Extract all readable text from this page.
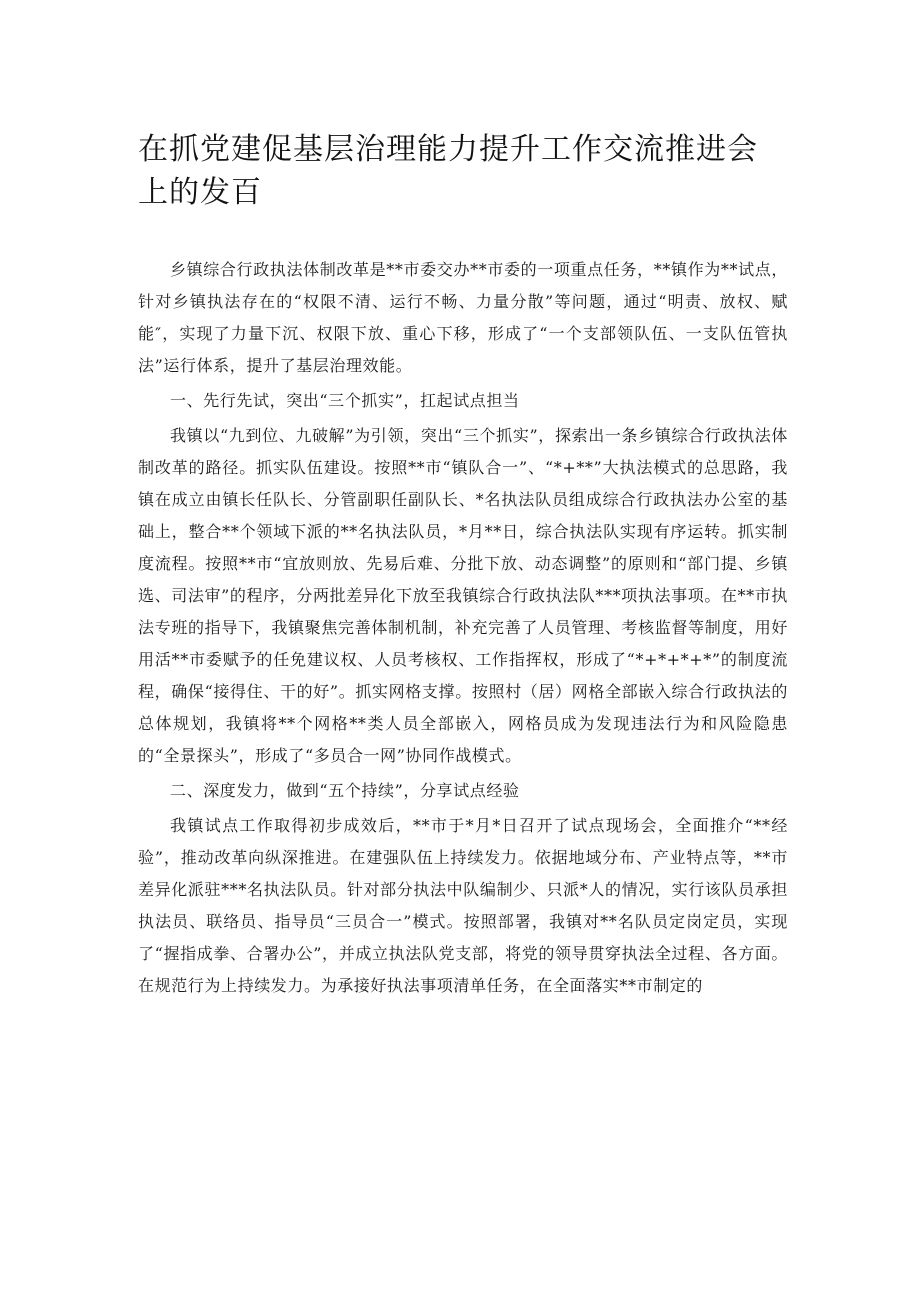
在抓党建促基层治理能力提升工作交流推进会上的发百

乡镇综合行政执法体制改革是**市委交办**市委的一项重点任务，**镇作为**试点，针对乡镇执法存在的“权限不清、运行不畅、力量分散”等问题，通过“明责、放权、赋能″，实现了力量下沉、权限下放、重心下移，形成了“一个支部领队伍、一支队伍管执法”运行体系，提升了基层治理效能。

一、先行先试，突出“三个抓实”，扛起试点担当

我镇以“九到位、九破解”为引领，突出“三个抓实”，探索出一条乡镇综合行政执法体制改革的路径。抓实队伍建设。按照**市“镇队合一”、“*+**”大执法模式的总思路，我镇在成立由镇长任队长、分管副职任副队长、*名执法队员组成综合行政执法办公室的基础上，整合**个领域下派的**名执法队员，*月**日，综合执法队实现有序运转。抓实制度流程。按照**市“宜放则放、先易后难、分批下放、动态调整”的原则和“部门提、乡镇选、司法审”的程序，分两批差异化下放至我镇综合行政执法队***项执法事项。在**市执法专班的指导下，我镇聚焦完善体制机制，补充完善了人员管理、考核监督等制度，用好用活**市委赋予的任免建议权、人员考核权、工作指挥权，形成了“*+*+*+*”的制度流程，确保“接得住、干的好”。抓实网格支撑。按照村（居）网格全部嵌入综合行政执法的总体规划，我镇将**个网格**类人员全部嵌入，网格员成为发现违法行为和风险隐患的“全景探头”，形成了“多员合一网”协同作战模式。

二、深度发力，做到“五个持续”，分享试点经验

我镇试点工作取得初步成效后，**市于*月*日召开了试点现场会，全面推介“**经验”，推动改革向纵深推进。在建强队伍上持续发力。依据地域分布、产业特点等，**市差异化派驻***名执法队员。针对部分执法中队编制少、只派*人的情况，实行该队员承担执法员、联络员、指导员“三员合一”模式。按照部署，我镇对**名队员定岗定员，实现了“握指成拳、合署办公”，并成立执法队党支部，将党的领导贯穿执法全过程、各方面。在规范行为上持续发力。为承接好执法事项清单任务，在全面落实**市制定的
